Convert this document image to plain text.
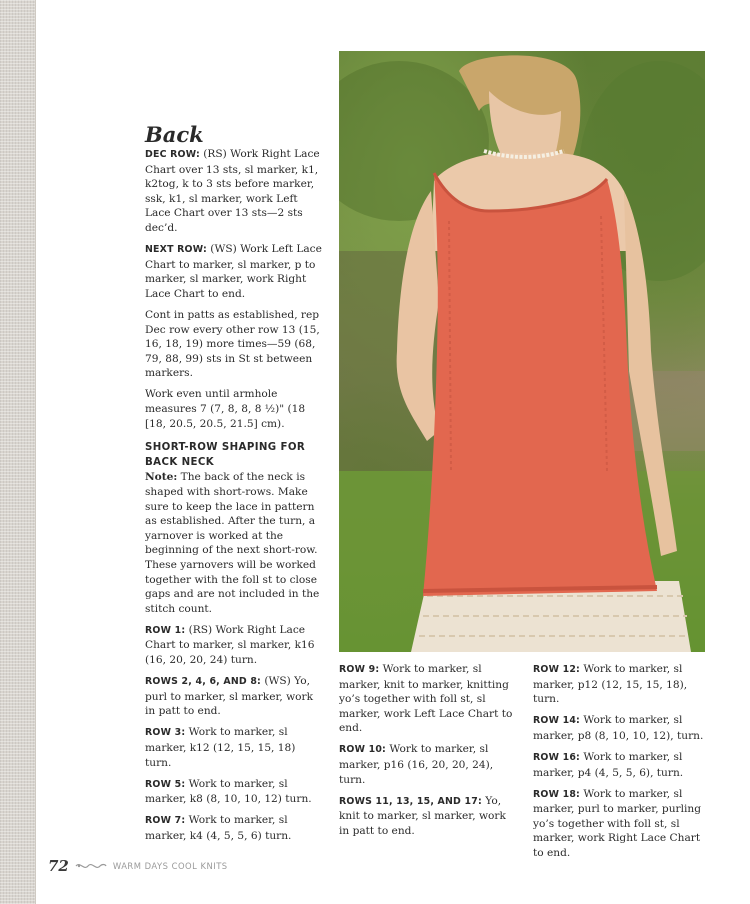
Back

DEC ROW: (RS) Work Right Lace Chart over 13 sts, sl marker, k1, k2tog, k to 3 sts before marker, ssk, k1, sl marker, work Left Lace Chart over 13 sts—2 sts dec’d.

NEXT ROW: (WS) Work Left Lace Chart to marker, sl marker, p to marker, sl marker, work Right Lace Chart to end.

Cont in patts as established, rep Dec row every other row 13 (15, 16, 18, 19) more times—59 (68, 79, 88, 99) sts in St st between markers.

Work even until armhole measures 7 (7, 8, 8, 8 ½)" (18 [18, 20.5, 20.5, 21.5] cm).

SHORT-ROW SHAPING FOR BACK NECK

Note: The back of the neck is shaped with short-rows. Make sure to keep the lace in pattern as established. After the turn, a yarnover is worked at the beginning of the next short-row. These yarnovers will be worked together with the foll st to close gaps and are not included in the stitch count.

ROW 1: (RS) Work Right Lace Chart to marker, sl marker, k16 (16, 20, 20, 24) turn.

ROWS 2, 4, 6, AND 8: (WS) Yo, purl to marker, sl marker, work in patt to end.

ROW 3: Work to marker, sl marker, k12 (12, 15, 15, 18) turn.

ROW 5: Work to marker, sl marker, k8 (8, 10, 10, 12) turn.

ROW 7: Work to marker, sl marker, k4 (4, 5, 5, 6) turn.

ROW 9: Work to marker, sl marker, knit to marker, knitting yo’s together with foll st, sl marker, work Left Lace Chart to end.

ROW 10: Work to marker, sl marker, p16 (16, 20, 20, 24), turn.

ROWS 11, 13, 15, AND 17: Yo, knit to marker, sl marker, work in patt to end.

ROW 12: Work to marker, sl marker, p12 (12, 15, 15, 18), turn.

ROW 14: Work to marker, sl marker, p8 (8, 10, 10, 12), turn.

ROW 16: Work to marker, sl marker, p4 (4, 5, 5, 6), turn.

ROW 18: Work to marker, sl marker, purl to marker, purling yo’s together with foll st, sl marker, work Right Lace Chart to end.

72	WARM DAYS COOL KNITS
